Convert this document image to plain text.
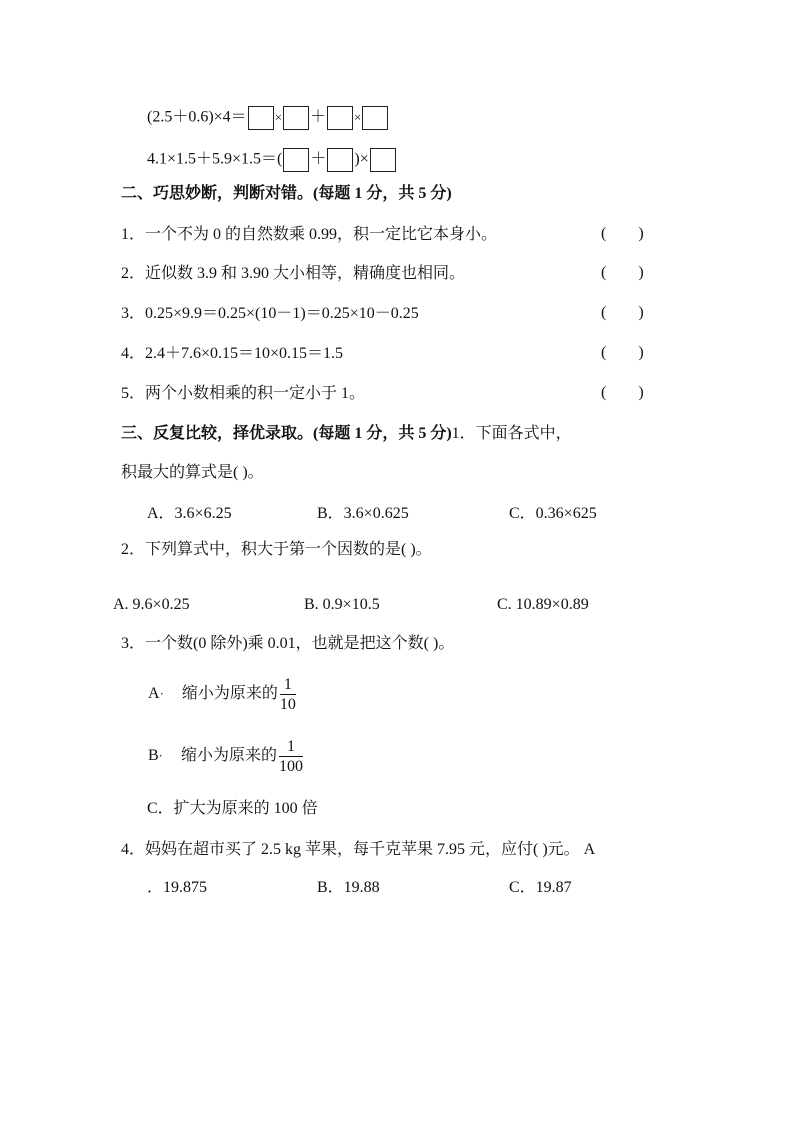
(2.5＋0.6)×4＝ × ＋ ×
4.1×1.5＋5.9×1.5＝( ＋ )×
二、巧思妙断，判断对错。(每题 1 分，共 5 分)
1．一个不为 0 的自然数乘 0.99，积一定比它本身小。	(        )
2．近似数 3.9 和 3.90 大小相等，精确度也相同。	(        )
3．0.25×9.9＝0.25×(10－1)＝0.25×10－0.25	(        )
4．2.4＋7.6×0.15＝10×0.15＝1.5	(        )
5．两个小数相乘的积一定小于 1。	(        )
三、反复比较，择优录取。(每题 1 分，共 5 分)1．下面各式中，
积最大的算式是( )。
A．3.6×6.25	B．3.6×0.625	C．0.36×625
2．下列算式中，积大于第一个因数的是( )。
A. 9.6×0.25	B. 0.9×10.5	C. 10.89×0.89
3．一个数(0 除外)乘 0.01，也就是把这个数( )。
A· 缩小为原来的 $\frac{1}{10}$
B· 缩小为原来的 $\frac{1}{100}$
C．扩大为原来的 100 倍
4．妈妈在超市买了 2.5 kg 苹果，每千克苹果 7.95 元，应付( )元。 A
．19.875	B．19.88	C．19.87
